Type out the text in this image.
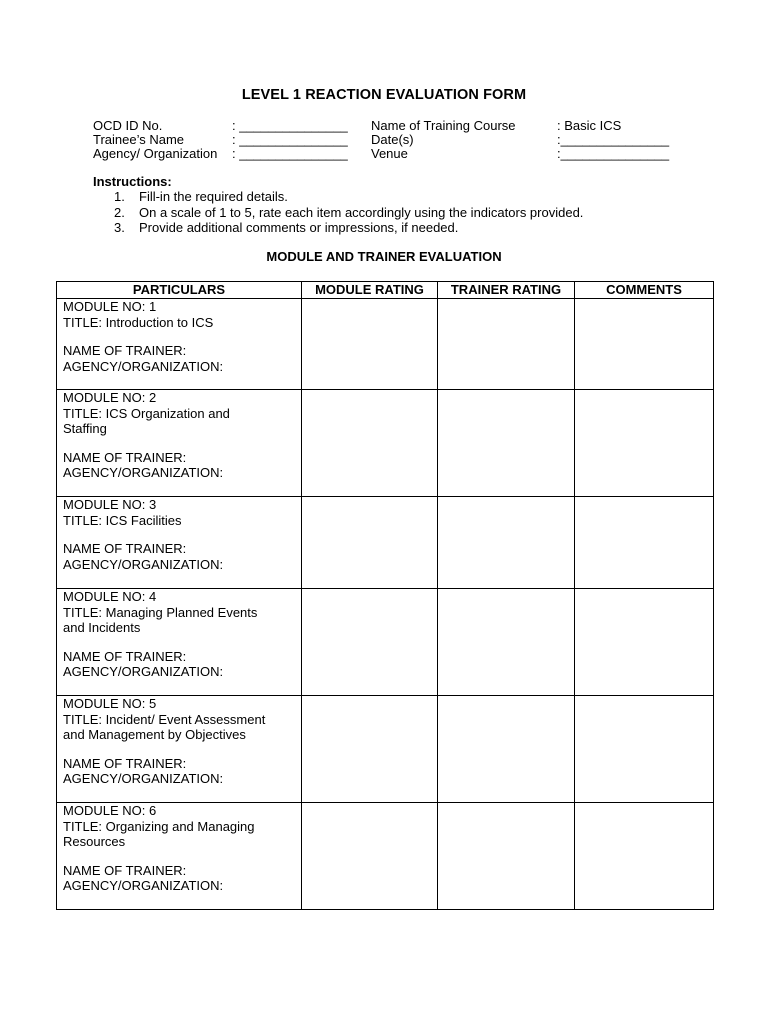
LEVEL 1 REACTION EVALUATION FORM
OCD ID No.	: _______________ Name of Training Course	: Basic ICS
Trainee’s Name	: _______________ Date(s)	:_______________
Agency/ Organization : _______________ Venue	:_______________
Instructions:
1. Fill-in the required details.
2. On a scale of 1 to 5, rate each item accordingly using the indicators provided.
3. Provide additional comments or impressions, if needed.
MODULE AND TRAINER EVALUATION
PARTICULARS	MODULE RATING	TRAINER RATING	COMMENTS

MODULE NO: 1
TITLE: Introduction to ICS
NAME OF TRAINER:
AGENCY/ORGANIZATION:			

MODULE NO: 2
TITLE: ICS Organization and
Staffing
NAME OF TRAINER:
AGENCY/ORGANIZATION:			

MODULE NO: 3
TITLE: ICS Facilities
NAME OF TRAINER:
AGENCY/ORGANIZATION:			

MODULE NO: 4
TITLE: Managing Planned Events
and Incidents
NAME OF TRAINER:
AGENCY/ORGANIZATION:			

MODULE NO: 5
TITLE: Incident/ Event Assessment
and Management by Objectives
NAME OF TRAINER:
AGENCY/ORGANIZATION:			

MODULE NO: 6
TITLE: Organizing and Managing
Resources
NAME OF TRAINER:
AGENCY/ORGANIZATION:			
